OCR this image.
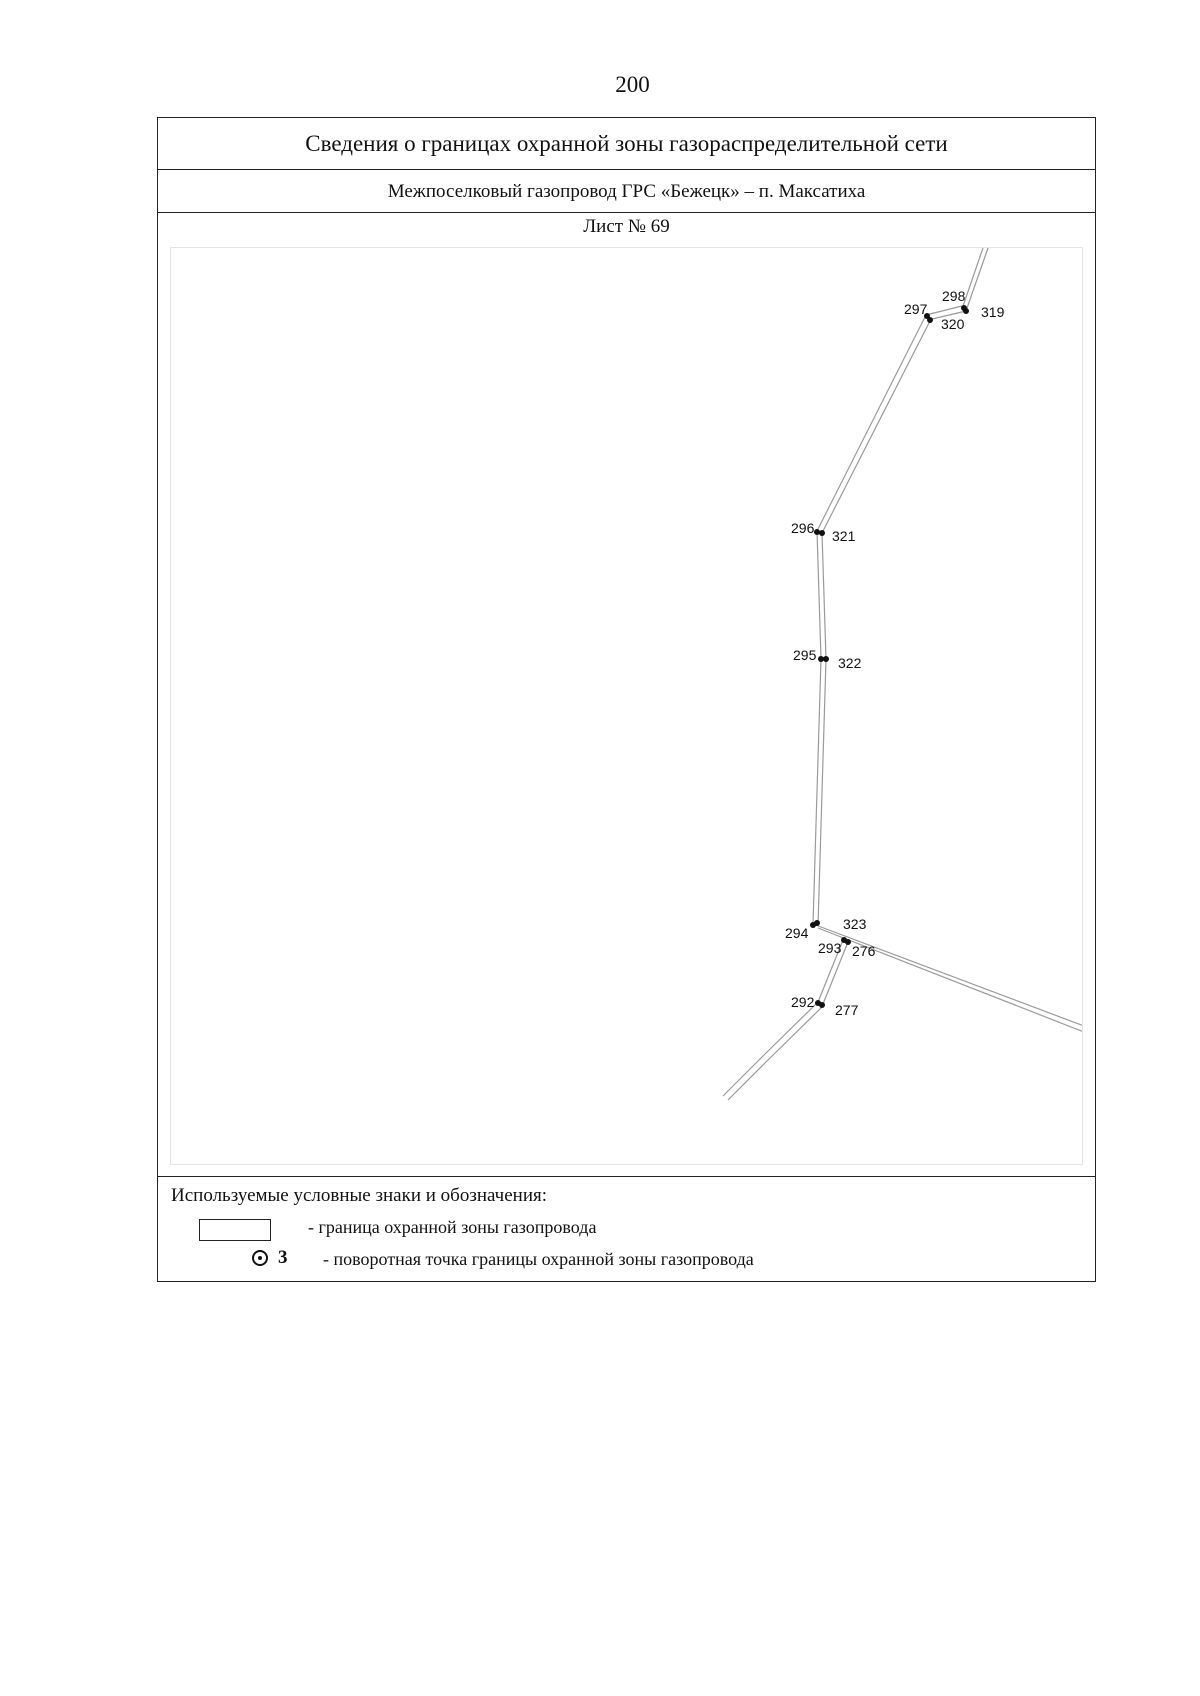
200
Сведения о границах охранной зоны газораспределительной сети
Межпоселковый газопровод ГРС «Бежецк» – п. Максатиха
Лист № 69
298
297	319
320
296 321
295 322
294
323
293 276
292 277
Используемые условные знаки и обозначения:
- граница охранной зоны газопровода
3 - поворотная точка границы охранной зоны газопровода
